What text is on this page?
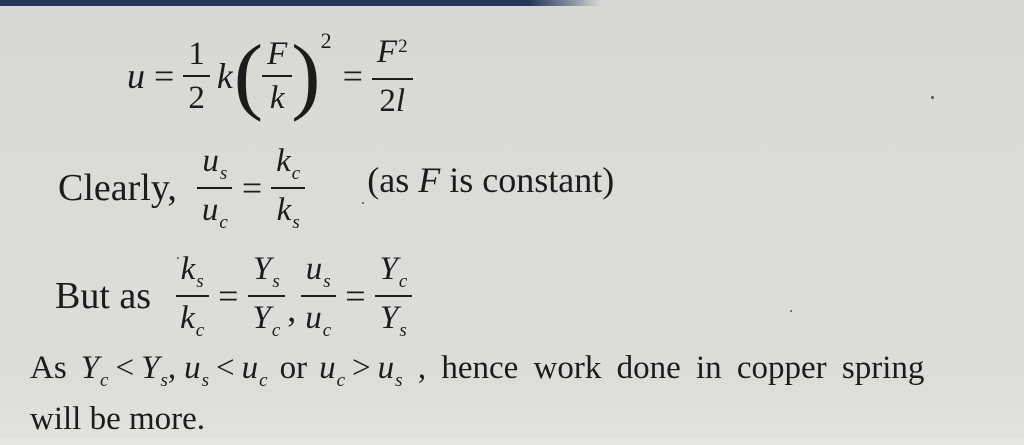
$u = \frac{1}{2}$ k ( $\frac{F}{k}$ ) 2
= $\frac{F^2}{2l}$
Clearly, $\frac{u_s}{u_c} = \frac{k_c}{k_s} (as$ F is constant)
But as $\frac{k_s}{k_c} = \frac{Y_s}{Y_c}$ , $\frac{u_s}{u_c} = \frac{Y_c}{Y_s}$
As $Y_c < Y_s$, $u_s < u_c$ or $u_c > u_s$ , hence work done in copper spring
will be more.
